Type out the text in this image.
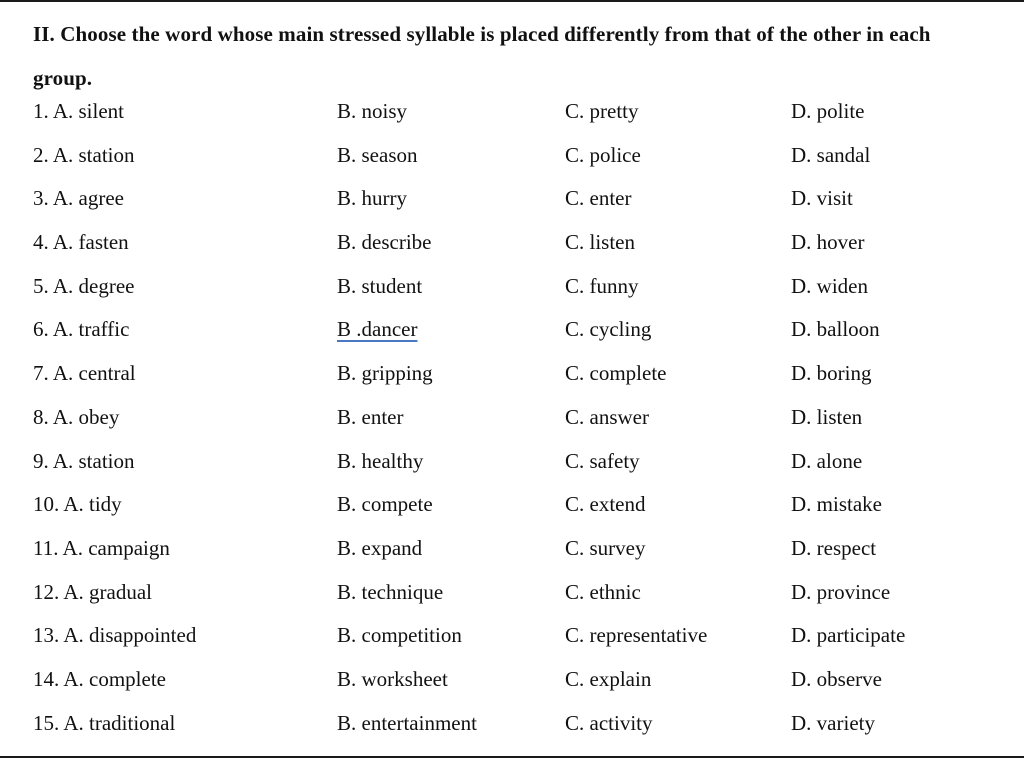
II. Choose the word whose main stressed syllable is placed differently from that of the other in each group.

1. A. silent	B. noisy	C. pretty	D. polite
2. A. station	B. season	C. police	D. sandal
3. A. agree	B. hurry	C. enter	D. visit
4. A. fasten	B. describe	C. listen	D. hover
5. A. degree	B. student	C. funny	D. widen
6. A. traffic	B .dancer	C. cycling	D. balloon
7. A. central	B. gripping	C. complete	D. boring
8. A. obey	B. enter	C. answer	D. listen
9. A. station	B. healthy	C. safety	D. alone
10. A. tidy	B. compete	C. extend	D. mistake
11. A. campaign	B. expand	C. survey	D. respect
12. A. gradual	B. technique	C. ethnic	D. province
13. A. disappointed	B. competition	C. representative	D. participate
14. A. complete	B. worksheet	C. explain	D. observe
15. A. traditional	B. entertainment	C. activity	D. variety
